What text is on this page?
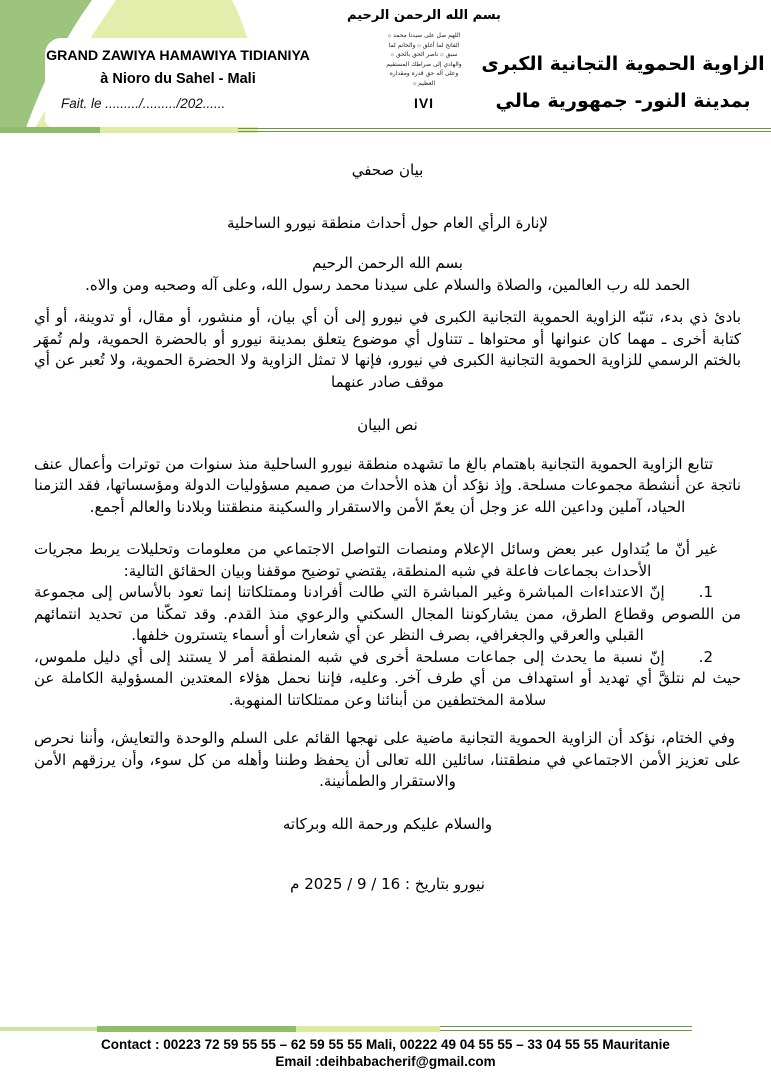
GRAND ZAWIYA HAMAWIYA TIDIANIYA
à Nioro du Sahel - Mali
Fait. le ........./........./202......
بسم الله الرحمن الرحيم
اللهم صل على سيدنا محمد ۞
الفاتح لما أغلق ۞ والخاتم لما
سبق ۞ ناصر الحق بالحق ۞
والهادي إلى صراطك المستقيم
وعلى آله حق قدره ومقداره
العظيم ۞
IVI
الزاوية الحموية التجانية الكبرى
بمدينة النور- جمهورية مالي
بيان صحفي
لإنارة الرأي العام حول أحداث منطقة نيورو الساحلية
بسم الله الرحمن الرحيم
الحمد لله رب العالمين، والصلاة والسلام على سيدنا محمد رسول الله، وعلى آله وصحبه ومن والاه.
بادئ ذي بدء، تنبّه الزاوية الحموية التجانية الكبرى في نيورو إلى أن أي بيان، أو منشور، أو مقال، أو تدوينة، أو أي كتابة أخرى ـ مهما كان عنوانها أو محتواها ـ تتناول أي موضوع يتعلق بمدينة نيورو أو بالحضرة الحموية، ولم تُمهَر بالختم الرسمي للزاوية الحموية التجانية الكبرى في نيورو، فإنها لا تمثل الزاوية ولا الحضرة الحموية، ولا تُعبر عن أي موقف صادر عنهما
نص البيان
تتابع الزاوية الحموية التجانية باهتمام بالغ ما تشهده منطقة نيورو الساحلية منذ سنوات من توترات وأعمال عنف ناتجة عن أنشطة مجموعات مسلحة. وإذ نؤكد أن هذه الأحداث من صميم مسؤوليات الدولة ومؤسساتها، فقد التزمنا الحياد، آملين وداعين الله عز وجل أن يعمّ الأمن والاستقرار والسكينة منطقتنا وبلادنا والعالم أجمع.
غير أنّ ما يُتداول عبر بعض وسائل الإعلام ومنصات التواصل الاجتماعي من معلومات وتحليلات يربط مجريات الأحداث بجماعات فاعلة في شبه المنطقة، يقتضي توضيح موقفنا وبيان الحقائق التالية:
1.إنّ الاعتداءات المباشرة وغير المباشرة التي طالت أفرادنا وممتلكاتنا إنما تعود بالأساس إلى مجموعة من اللصوص وقطاع الطرق، ممن يشاركوننا المجال السكني والرعوي منذ القدم. وقد تمكّنا من تحديد انتمائهم القبلي والعرقي والجغرافي، بصرف النظر عن أي شعارات أو أسماء يتسترون خلفها.
2.إنّ نسبة ما يحدث إلى جماعات مسلحة أخرى في شبه المنطقة أمر لا يستند إلى أي دليل ملموس، حيث لم نتلقَّ أي تهديد أو استهداف من أي طرف آخر. وعليه، فإننا نحمل هؤلاء المعتدين المسؤولية الكاملة عن سلامة المختطفين من أبنائنا وعن ممتلكاتنا المنهوبة.
وفي الختام، نؤكد أن الزاوية الحموية التجانية ماضية على نهجها القائم على السلم والوحدة والتعايش، وأننا نحرص على تعزيز الأمن الاجتماعي في منطقتنا، سائلين الله تعالى أن يحفظ وطننا وأهله من كل سوء، وأن يرزقهم الأمن والاستقرار والطمأنينة.
والسلام عليكم ورحمة الله وبركاته
نيورو بتاريخ : 16 / 9 / 2025 م
Contact : 00223 72 59 55 55 – 62 59 55 55 Mali, 00222 49 04 55 55 – 33 04 55 55 Mauritanie
Email :deihbabacherif@gmail.com
